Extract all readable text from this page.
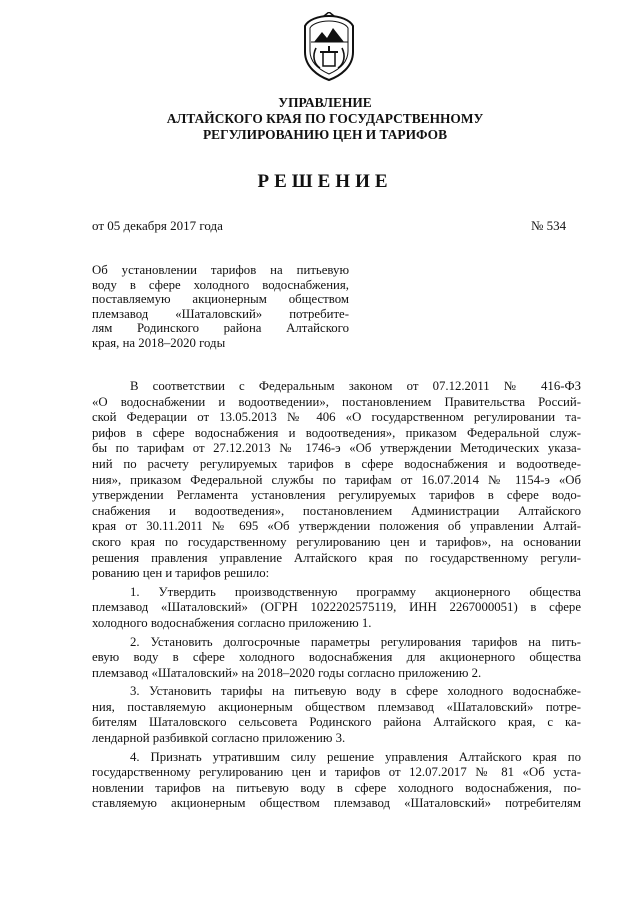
УПРАВЛЕНИЕ
АЛТАЙСКОГО КРАЯ ПО ГОСУДАРСТВЕННОМУ
РЕГУЛИРОВАНИЮ ЦЕН И ТАРИФОВ
РЕШЕНИЕ
от 05 декабря 2017 года	№ 534
Об установлении тарифов на питьевую
воду в сфере холодного водоснабжения,
поставляемую акционерным обществом
племзавод «Шаталовский» потребите-
лям Родинского района Алтайского
края, на 2018–2020 годы
В соответствии с Федеральным законом от 07.12.2011 № 416-ФЗ
«О водоснабжении и водоотведении», постановлением Правительства Россий-
ской Федерации от 13.05.2013 № 406 «О государственном регулировании та-
рифов в сфере водоснабжения и водоотведения», приказом Федеральной служ-
бы по тарифам от 27.12.2013 № 1746-э «Об утверждении Методических указа-
ний по расчету регулируемых тарифов в сфере водоснабжения и водоотведе-
ния», приказом Федеральной службы по тарифам от 16.07.2014 № 1154-э «Об
утверждении Регламента установления регулируемых тарифов в сфере водо-
снабжения и водоотведения», постановлением Администрации Алтайского
края от 30.11.2011 № 695 «Об утверждении положения об управлении Алтай-
ского края по государственному регулированию цен и тарифов», на основании
решения правления управление Алтайского края по государственному регули-
рованию цен и тарифов решило:
1. Утвердить производственную программу акционерного общества
племзавод «Шаталовский» (ОГРН 1022202575119, ИНН 2267000051) в сфере
холодного водоснабжения согласно приложению 1.
2. Установить долгосрочные параметры регулирования тарифов на пить-
евую воду в сфере холодного водоснабжения для акционерного общества
племзавод «Шаталовский» на 2018–2020 годы согласно приложению 2.
3. Установить тарифы на питьевую воду в сфере холодного водоснабже-
ния, поставляемую акционерным обществом племзавод «Шаталовский» потре-
бителям Шаталовского сельсовета Родинского района Алтайского края, с ка-
лендарной разбивкой согласно приложению 3.
4. Признать утратившим силу решение управления Алтайского края по
государственному регулированию цен и тарифов от 12.07.2017 № 81 «Об уста-
новлении тарифов на питьевую воду в сфере холодного водоснабжения, по-
ставляемую акционерным обществом племзавод «Шаталовский» потребителям
